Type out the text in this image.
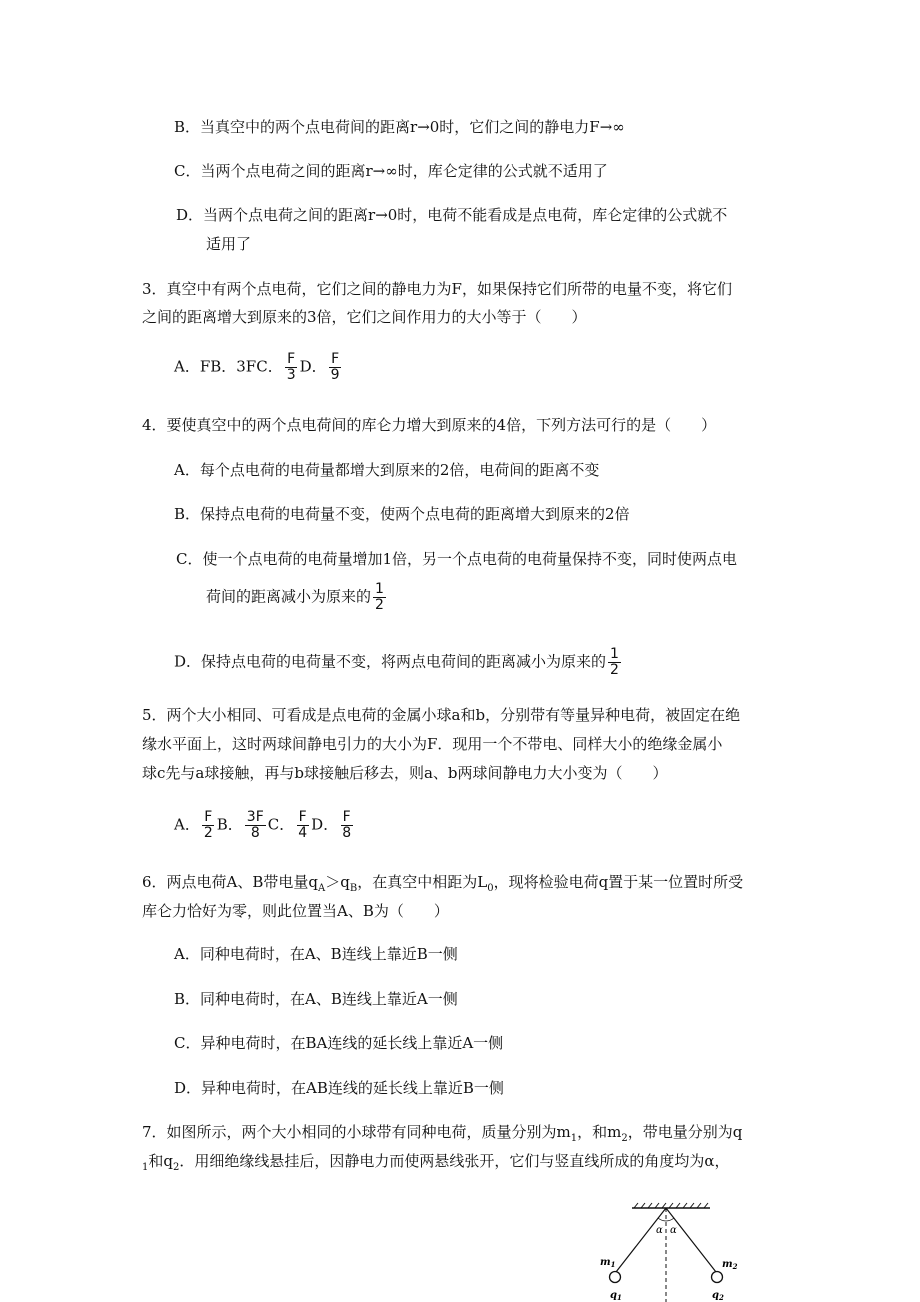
B．当真空中的两个点电荷间的距离r→0时，它们之间的静电力F→∞
C．当两个点电荷之间的距离r→∞时，库仑定律的公式就不适用了
D．当两个点电荷之间的距离r→0时，电荷不能看成是点电荷，库仑定律的公式就不
适用了
3．真空中有两个点电荷，它们之间的静电力为F，如果保持它们所带的电量不变，将它们
之间的距离增大到原来的3倍，它们之间作用力的大小等于（　　）
A．FB．3FC． $\frac{F}{3}$ D． $\frac{F}{9}$
4．要使真空中的两个点电荷间的库仑力增大到原来的4倍，下列方法可行的是（　　）
A．每个点电荷的电荷量都增大到原来的2倍，电荷间的距离不变
B．保持点电荷的电荷量不变，使两个点电荷的距离增大到原来的2倍
C．使一个点电荷的电荷量增加1倍，另一个点电荷的电荷量保持不变，同时使两点电
荷间的距离减小为原来的 $\frac{1}{2}$
D．保持点电荷的电荷量不变，将两点电荷间的距离减小为原来的 $\frac{1}{2}$
5．两个大小相同、可看成是点电荷的金属小球a和b，分别带有等量异种电荷，被固定在绝
缘水平面上，这时两球间静电引力的大小为F．现用一个不带电、同样大小的绝缘金属小
球c先与a球接触，再与b球接触后移去，则a、b两球间静电力大小变为（　　）
A． $\frac{F}{2}$ B． $\frac{3F}{8}$ C． $\frac{F}{4}$ D． $\frac{F}{8}$
6．两点电荷A、B带电量$q_A>q_B$，在真空中相距为$L_0$，现将检验电荷q置于某一位置时所受
库仑力恰好为零，则此位置当A、B为（　　）
A．同种电荷时，在A、B连线上靠近B一侧
B．同种电荷时，在A、B连线上靠近A一侧
C．异种电荷时，在BA连线的延长线上靠近A一侧
D．异种电荷时，在AB连线的延长线上靠近B一侧
7．如图所示，两个大小相同的小球带有同种电荷，质量分别为$m_1$，和$m_2$，带电量分别为q
$_1$和$q_2$．用细绝缘线悬挂后，因静电力而使两悬线张开，它们与竖直线所成的角度均为α，
α α
$m_1$	$m_2$
$q_1$	$q_2$
